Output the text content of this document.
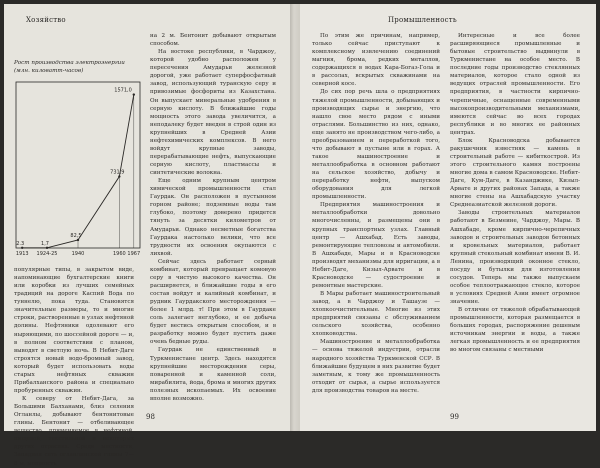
Хозяйство
Рост производства электроэнергии (млн. киловатт-часов)
2.3
1913
1,7
1924-25
82,5
1940
731,9
1960
1571,0
1967

популярные типы, в закрытом виде, напоминающие бухгалтерские книги или коробки из лучших семейных традиций на дороге Каспий Вода по туннелю, пока туда. Становятся значительные размеры, то и многие строки, растворенные в узлах нефтяной долины. Нефтяники одолевают его ныряющими, по шоссейной дороге — и, в полном соответствии с планом, выводят в светлую ночь. В Небит-Даге строятся новый водо-бромный завод, который будет использовать воды старых нефтяных скважин Прибалханского района и специально пробуренных скважин.

К северу от Небит-Дага, за Большими Балханами, близ селения Огланлы, добывают бентонитовые глины. Бентонит — отбеливающее вещество, применяемое в нефтяной, пищевой, текстильной и некоторых других отраслях. Среди местности, Западная сеть огланлинской глины 7—8 м, мощность

на 2 м. Бентонит добывают открытым способом.

На востоке республики, в Чарджоу, которой удобно расположен у пересечения Амударьи железной дорогой, уже работает суперфосфатный завод, использующий туранскую серу и привозимые фосфориты из Казахстана. Он выпускает минеральные удобрения в серную кислоту. В ближайшие годы мощность этого завода увеличится, а неподалеку будет введен в строй один из крупнейших в Средней Азии нефтехимических комплексов. В него войдут крупные заводы, перерабатывающие нефть, выпускающие серную кислоту, пластмассы и синтетические волокна.

Еще одним крупным центром химической промышленности стал Гаурдак. Он расположен в пустынном горном районе; подземные воды там глубоко, поэтому доверено придется тянуть за десятки километров от Амударьи. Однако несметные богатства Гаурдака настолько велики, что все трудности их освоения окупаются с лихвой.

Сейчас здесь работает серный комбинат, который превращает комовую серу в чистую высокого качества. Он расширяется, в ближайшие годы в его состав войдут и калийный комбинат, и рудник Гаурдакского месторождения — более 1 млрд. т! При этом в Гаурдаке соль залегает неглубоко, и ее добыча будет вестись открытым способом, и в разработку можно будет пустить даже очень бедные руды.

Гаурдак не единственный в Туркменистане центр. Здесь находятся крупнейшие месторождения серы, поваренной и каменной соли, мирабилита, йода, брома и многих других полезных ископаемых. Их освоение вполне возможно.

98
Промышленность

По этим же причинам, например, только сейчас приступают к комплексному извлечению соединений магния, брома, редких металлов, содержащихся в водах Кара-Богаз-Гола и в рассолах, вскрытых скважинами на северной косе.

До сих пор речь шла о предприятиях тяжелой промышленности, добывающих и производящих сырье и энергию, что нашло свое место рядом с иными отраслями. Большинство из них, однако, еще занято не производством чего-либо, а преобразованием и переработкой того, что добывают в пустыне или в горах. А такое машиностроение и металлообработка в основном работают на сельское хозяйство, добычу и переработку нефти, выпуском оборудования для легкой промышленности.

Предприятия машиностроения и металлообработки довольно многочисленны, и размещены они в крупных транспортных узлах. Главный центр — Ашхабад. Есть заводы, ремонтирующие тепловозы и автомобили. В Ашхабаде, Мары и в Красноводске производят механизмы для ирригации, а в Небит-Даге, Кизыл-Арвате и в Красноводске — судостроение и ремонтные мастерские.

В Мары работает машиностроительный завод, а в Чарджоу и Ташаузе — хлопкоочистительные. Многие из этих предприятий связаны с обслуживанием сельского хозяйства, особенно хлопководства.

Машиностроение и металлообработка — основа тяжелой индустрии, отрасли народного хозяйства Туркменской ССР. В ближайшие будущем в них развитие будет заметным, к тому же промышленность отходит от сырья, а сырье используется для производства товаров на месте.

Интересные и все более расширяющиеся промышленные и бытовые строительство выдвинули в Туркменистане на особое место. В последние годы производство стеклянных материалов, которое стало одной из ведущих отраслей промышленности. Его предприятия, в частности кирпично-черепичные, оснащенные современными высокопроизводительными механизмами, имеются сейчас во всех городах республики и во многих ее районных центрах.

Блок Красноводска добывается ракушечник известняк — камень в строительный работе — кибиткострой. Из этого строительного камня построены многие дома в самом Красноводске. Небит-Даге, Кум-Даге, в Казанджике, Кизыл-Арвате и других районах Запада, а также многие стены на Ашхабадскую участку Среднеазиатской железной дороги.

Заводы строительных материалов работают в Безмеине, Чарджоу, Мары. В Ашхабаде, кроме кирпично-черепичных заводов и строительных заводов бетонных и кровельных материалов, работает крупный стекольный комбинат имени В. И. Ленина, производящий оконное стекло, посуду и бутылки для изготовления сосудов. Теперь мы также выпускаем особое теплоотражающее стекло, которое в условиях Средней Азии имеет огромное значение.

В отличие от тяжелой обрабатывающей промышленности, которая размещается в больших городах, распоряжение дешевым источникам энергии и воды, а также легкая промышленность и ее предприятия во многом связаны с местными

99
